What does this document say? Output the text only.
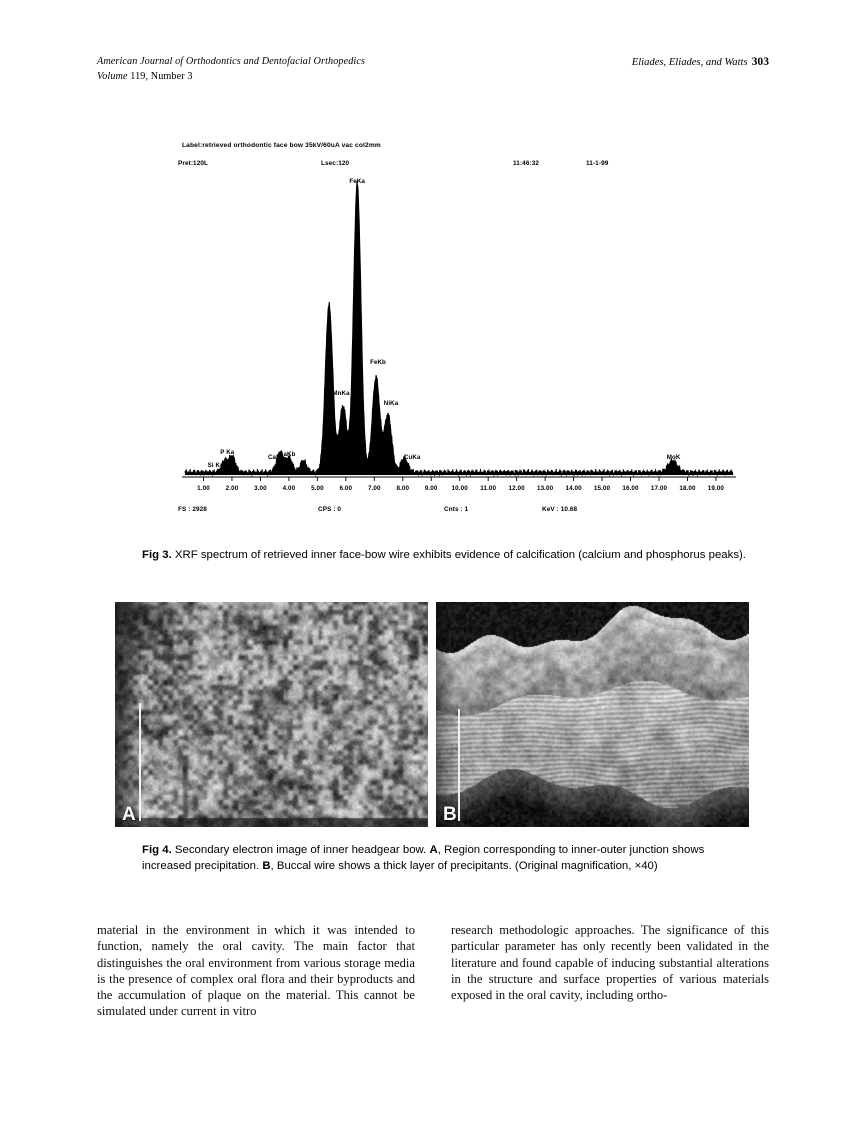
American Journal of Orthodontics and Dentofacial Orthopedics
Volume 119, Number 3
Eliades, Eliades, and Watts 303
Label:retrieved orthodontic face bow 35kV/60uA vac col2mm
Pret:120L	Lsec:120	11:46:32	11-1-99
Si Ka
P Ka
CaKa
CaKb
MnKa
FeKa
FeKb
NiKa
CuKa	MoK
1.00	2.00 3.00	4.00	5.00	6.00	7.00	8.00 9.00 10.00 11.00 12.00 13.00 14.00 15.00 16.00 17.00 18.00 19.00
FS : 2928	CPS : 0	Cnts : 1	KeV : 10.68
Fig 3. XRF spectrum of retrieved inner face-bow wire exhibits evidence of calcification (calcium and phosphorus peaks).
A	B
Fig 4. Secondary electron image of inner headgear bow. A, Region corresponding to inner-outer junction shows increased precipitation. B, Buccal wire shows a thick layer of precipitants. (Original magnification, ×40)

material in the environment in which it was intended to function, namely the oral cavity. The main factor that distinguishes the oral environment from various storage media is the presence of complex oral flora and their byproducts and the accumulation of plaque on the material. This cannot be simulated under current in vitro

research methodologic approaches. The significance of this particular parameter has only recently been validated in the literature and found capable of inducing substantial alterations in the structure and surface properties of various materials exposed in the oral cavity, including ortho-
